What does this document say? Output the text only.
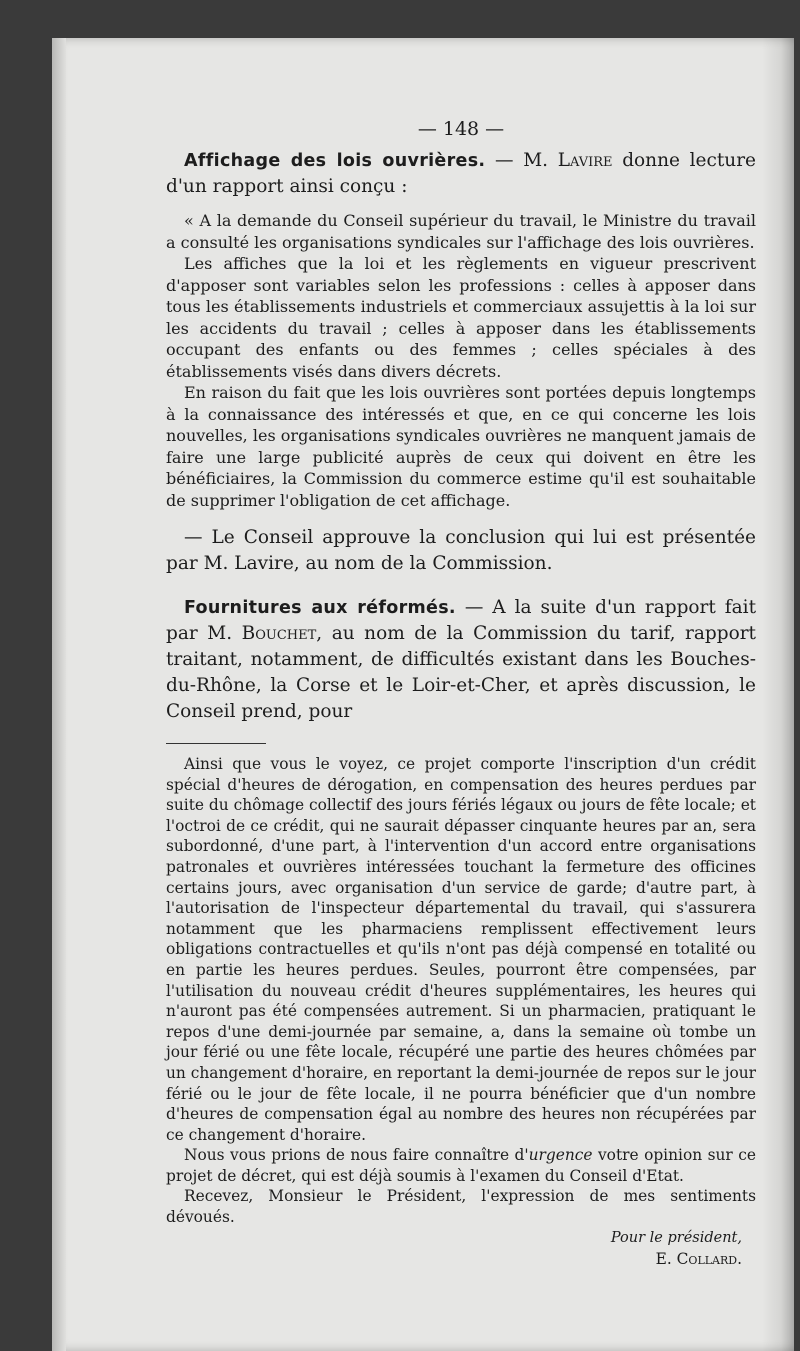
— 148 —

Affichage des lois ouvrières. — M. Lavire donne lecture d'un rapport ainsi conçu :

« A la demande du Conseil supérieur du travail, le Ministre du travail a consulté les organisations syndicales sur l'affichage des lois ouvrières.

Les affiches que la loi et les règlements en vigueur prescrivent d'apposer sont variables selon les professions : celles à apposer dans tous les établissements industriels et commerciaux assujettis à la loi sur les accidents du travail ; celles à apposer dans les établissements occupant des enfants ou des femmes ; celles spéciales à des établissements visés dans divers décrets.

En raison du fait que les lois ouvrières sont portées depuis longtemps à la connaissance des intéressés et que, en ce qui concerne les lois nouvelles, les organisations syndicales ouvrières ne manquent jamais de faire une large publicité auprès de ceux qui doivent en être les bénéficiaires, la Commission du commerce estime qu'il est souhaitable de supprimer l'obligation de cet affichage.

— Le Conseil approuve la conclusion qui lui est présentée par M. Lavire, au nom de la Commission.

Fournitures aux réformés. — A la suite d'un rapport fait par M. Bouchet, au nom de la Commission du tarif, rapport traitant, notamment, de difficultés existant dans les Bouches-du-Rhône, la Corse et le Loir-et-Cher, et après discussion, le Conseil prend, pour

Ainsi que vous le voyez, ce projet comporte l'inscription d'un crédit spécial d'heures de dérogation, en compensation des heures perdues par suite du chômage collectif des jours fériés légaux ou jours de fête locale; et l'octroi de ce crédit, qui ne saurait dépasser cinquante heures par an, sera subordonné, d'une part, à l'intervention d'un accord entre organisations patronales et ouvrières intéressées touchant la fermeture des officines certains jours, avec organisation d'un service de garde; d'autre part, à l'autorisation de l'inspecteur départemental du travail, qui s'assurera notamment que les pharmaciens remplissent effectivement leurs obligations contractuelles et qu'ils n'ont pas déjà compensé en totalité ou en partie les heures perdues. Seules, pourront être compensées, par l'utilisation du nouveau crédit d'heures supplémentaires, les heures qui n'auront pas été compensées autrement. Si un pharmacien, pratiquant le repos d'une demi-journée par semaine, a, dans la semaine où tombe un jour férié ou une fête locale, récupéré une partie des heures chômées par un changement d'horaire, en reportant la demi-journée de repos sur le jour férié ou le jour de fête locale, il ne pourra bénéficier que d'un nombre d'heures de compensation égal au nombre des heures non récupérées par ce changement d'horaire.

Nous vous prions de nous faire connaître d'urgence votre opinion sur ce projet de décret, qui est déjà soumis à l'examen du Conseil d'Etat.

Recevez, Monsieur le Président, l'expression de mes sentiments dévoués.

Pour le président,
E. Collard.
